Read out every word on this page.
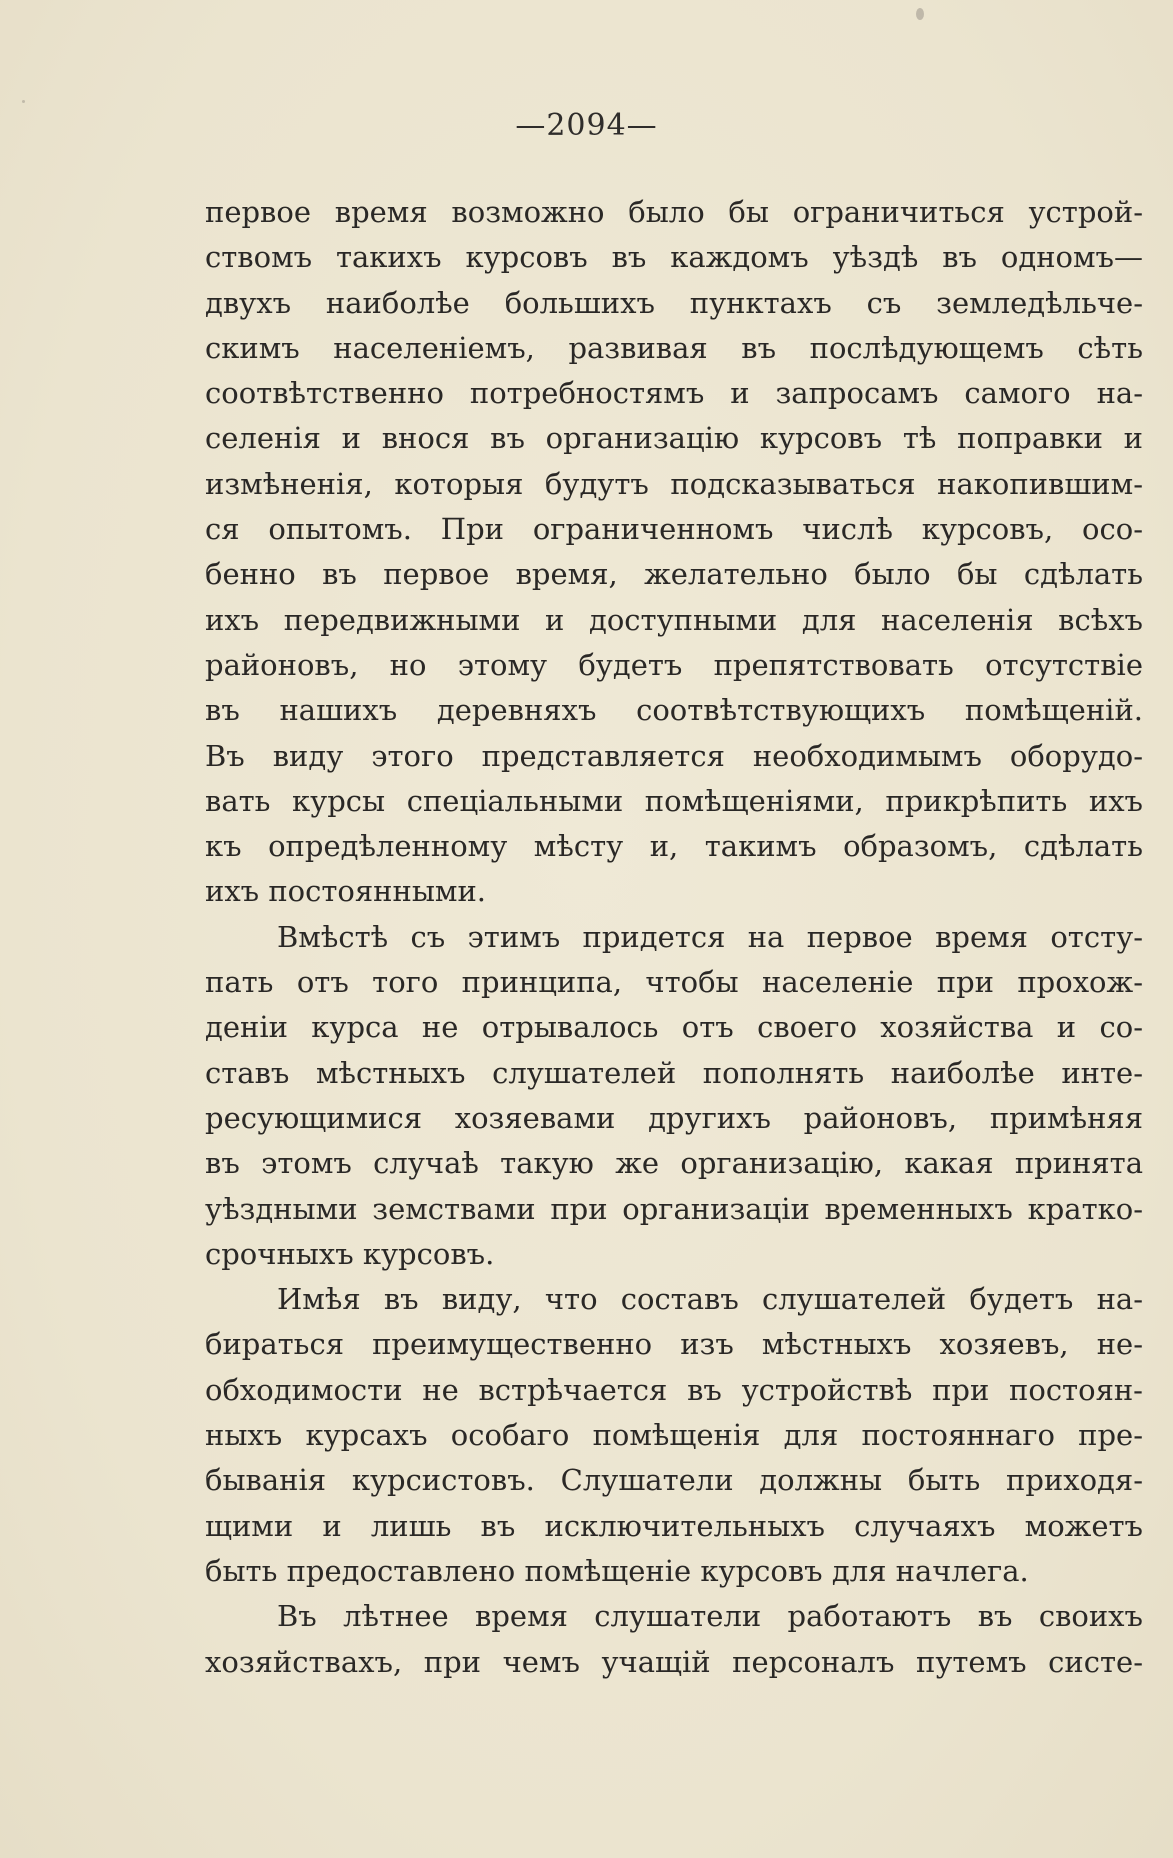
—2094—

первое время возможно было бы ограничиться устрой-

ствомъ такихъ курсовъ въ каждомъ уѣздѣ въ одномъ—

двухъ наиболѣе большихъ пунктахъ съ земледѣльче-

скимъ населеніемъ, развивая въ послѣдующемъ сѣть

соотвѣтственно потребностямъ и запросамъ самого на-

селенія и внося въ организацію курсовъ тѣ поправки и

измѣненія, которыя будутъ подсказываться накопившим-

ся опытомъ. При ограниченномъ числѣ курсовъ, осо-

бенно въ первое время, желательно было бы сдѣлать

ихъ передвижными и доступными для населенія всѣхъ

районовъ, но этому будетъ препятствовать отсутствіе

въ нашихъ деревняхъ соотвѣтствующихъ помѣщеній.

Въ виду этого представляется необходимымъ оборудо-

вать курсы спеціальными помѣщеніями, прикрѣпить ихъ

къ опредѣленному мѣсту и, такимъ образомъ, сдѣлать

ихъ постоянными.

Вмѣстѣ съ этимъ придется на первое время отсту-

пать отъ того принципа, чтобы населеніе при прохож-

деніи курса не отрывалось отъ своего хозяйства и со-

ставъ мѣстныхъ слушателей пополнять наиболѣе инте-

ресующимися хозяевами другихъ районовъ, примѣняя

въ этомъ случаѣ такую же организацію, какая принята

уѣздными земствами при организаціи временныхъ кратко-

срочныхъ курсовъ.

Имѣя въ виду, что составъ слушателей будетъ на-

бираться преимущественно изъ мѣстныхъ хозяевъ, не-

обходимости не встрѣчается въ устройствѣ при постоян-

ныхъ курсахъ особаго помѣщенія для постояннаго пре-

быванія курсистовъ. Слушатели должны быть приходя-

щими и лишь въ исключительныхъ случаяхъ можетъ

быть предоставлено помѣщеніе курсовъ для начлега.

Въ лѣтнее время слушатели работаютъ въ своихъ

хозяйствахъ, при чемъ учащій персоналъ путемъ систе-
